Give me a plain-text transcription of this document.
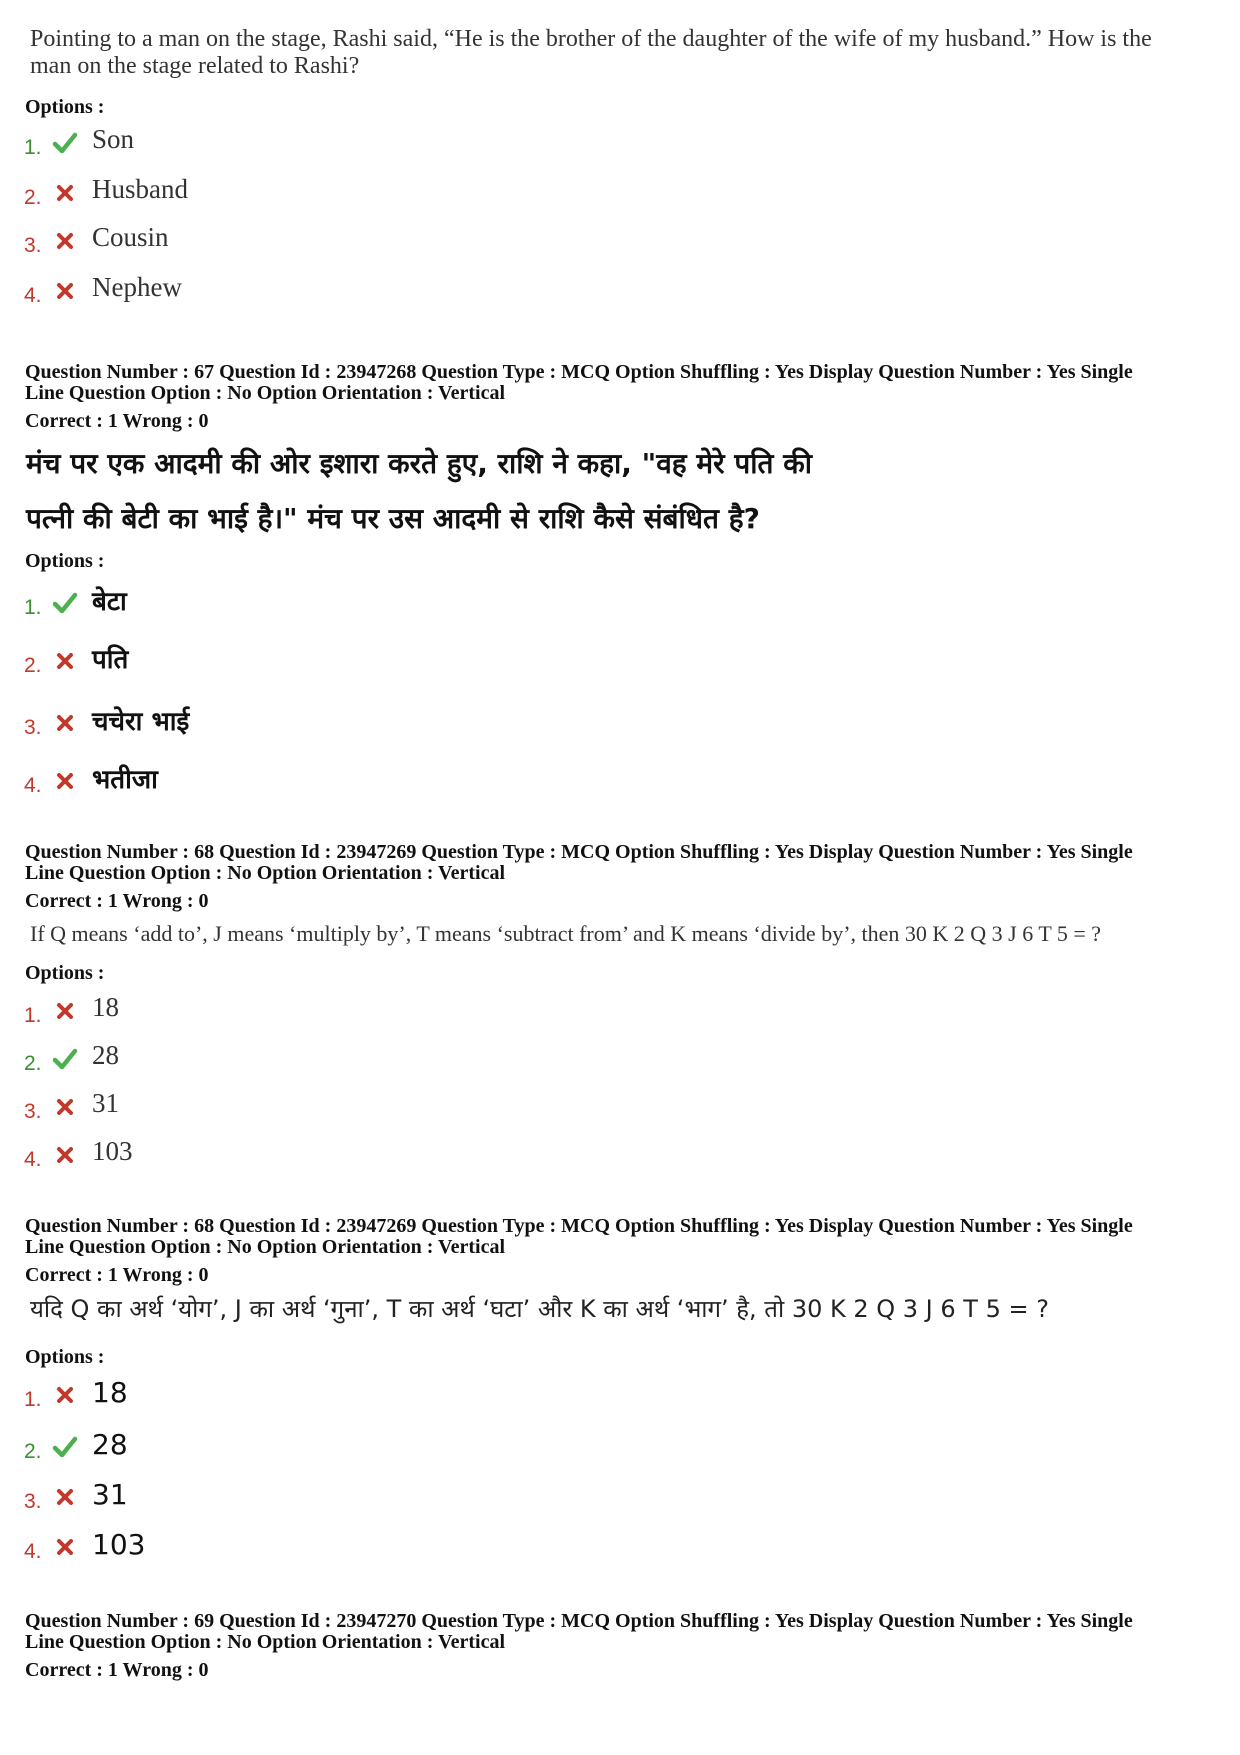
Pointing to a man on the stage, Rashi said, “He is the brother of the daughter of the wife of my husband.” How is the
man on the stage related to Rashi?
Options :
1. Son
2. Husband
3. Cousin
4. Nephew
Question Number : 67 Question Id : 23947268 Question Type : MCQ Option Shuffling : Yes Display Question Number : Yes Single
Line Question Option : No Option Orientation : Vertical
Correct : 1 Wrong : 0
मंच पर एक आदमी की ओर इशारा करते हुए, राशि ने कहा, "वह मेरे पति की
पत्नी की बेटी का भाई है।" मंच पर उस आदमी से राशि कैसे संबंधित है?
Options :
1. बेटा
2. पति
3. चचेरा भाई
4. भतीजा
Question Number : 68 Question Id : 23947269 Question Type : MCQ Option Shuffling : Yes Display Question Number : Yes Single
Line Question Option : No Option Orientation : Vertical
Correct : 1 Wrong : 0
If Q means ‘add to’, J means ‘multiply by’, T means ‘subtract from’ and K means ‘divide by’, then 30 K 2 Q 3 J 6 T 5 = ?
Options :
1. 18
2. 28
3. 31
4. 103
Question Number : 68 Question Id : 23947269 Question Type : MCQ Option Shuffling : Yes Display Question Number : Yes Single
Line Question Option : No Option Orientation : Vertical
Correct : 1 Wrong : 0
यदि Q का अर्थ ‘योग’, J का अर्थ ‘गुना’, T का अर्थ ‘घटा’ और K का अर्थ ‘भाग’ है, तो 30 K 2 Q 3 J 6 T 5 = ?
Options :
1. 18
2. 28
3. 31
4. 103
Question Number : 69 Question Id : 23947270 Question Type : MCQ Option Shuffling : Yes Display Question Number : Yes Single
Line Question Option : No Option Orientation : Vertical
Correct : 1 Wrong : 0
